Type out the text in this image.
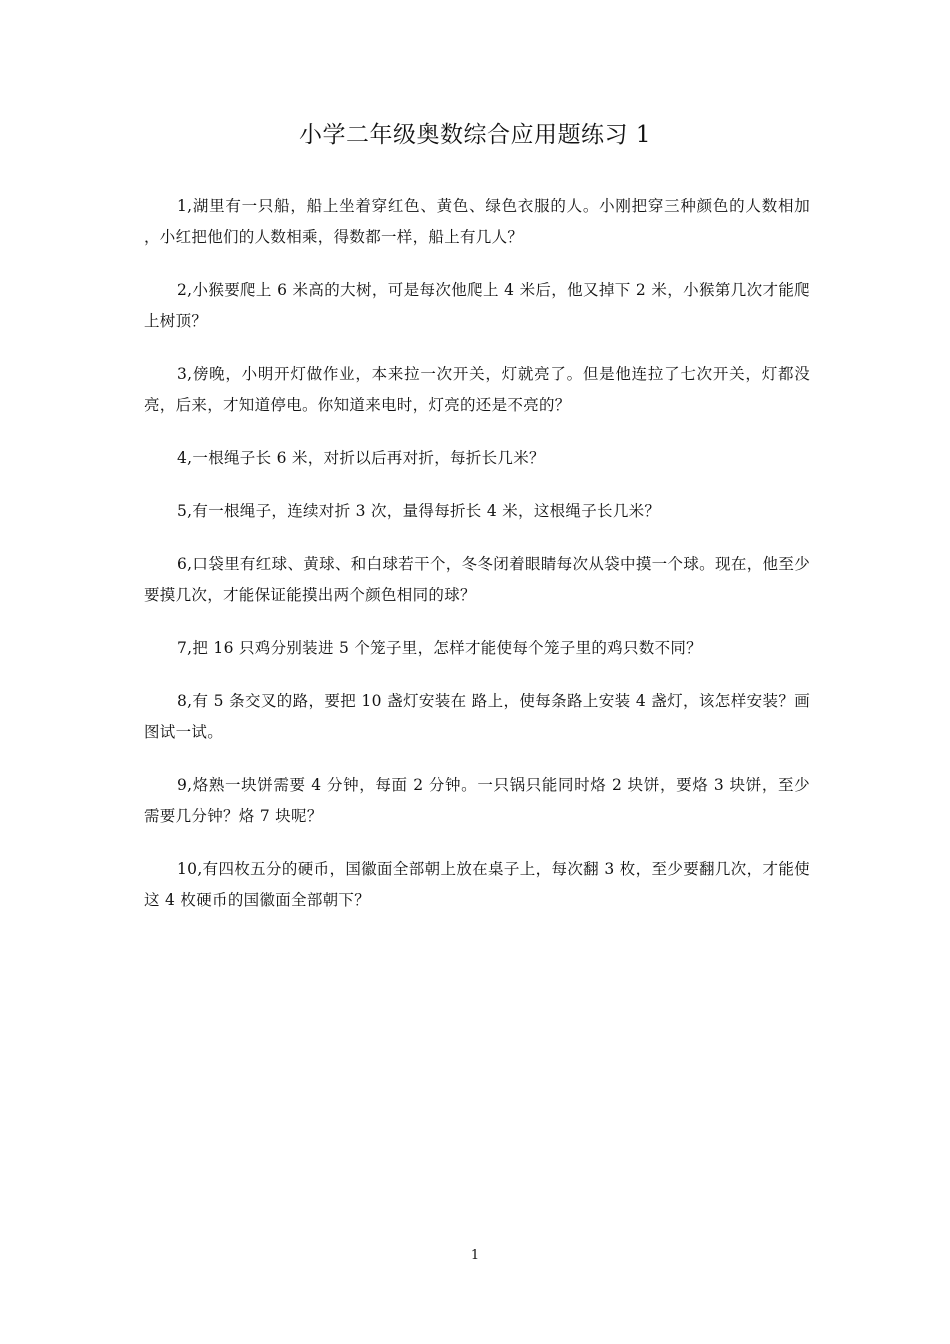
小学二年级奥数综合应用题练习 1

1,湖里有一只船，船上坐着穿红色、黄色、绿色衣服的人。小刚把穿三种颜色的人数相加 ，小红把他们的人数相乘，得数都一样，船上有几人？

2,小猴要爬上 6 米高的大树，可是每次他爬上 4 米后，他又掉下 2 米，小猴第几次才能爬上树顶？

3,傍晚，小明开灯做作业，本来拉一次开关，灯就亮了。但是他连拉了七次开关，灯都没亮，后来，才知道停电。你知道来电时，灯亮的还是不亮的？

4,一根绳子长 6 米，对折以后再对折，每折长几米？

5,有一根绳子，连续对折 3 次，量得每折长 4 米，这根绳子长几米？

6,口袋里有红球、黄球、和白球若干个，冬冬闭着眼睛每次从袋中摸一个球。现在，他至少要摸几次，才能保证能摸出两个颜色相同的球？

7,把 16 只鸡分别装进 5 个笼子里，怎样才能使每个笼子里的鸡只数不同？

8,有 5 条交叉的路，要把 10 盏灯安装在 路上，使每条路上安装 4 盏灯，该怎样安装？画图试一试。

9,烙熟一块饼需要 4 分钟，每面 2 分钟。一只锅只能同时烙 2 块饼，要烙 3 块饼，至少需要几分钟？烙 7 块呢？

10,有四枚五分的硬币，国徽面全部朝上放在桌子上，每次翻 3 枚，至少要翻几次，才能使这 4 枚硬币的国徽面全部朝下？

1
